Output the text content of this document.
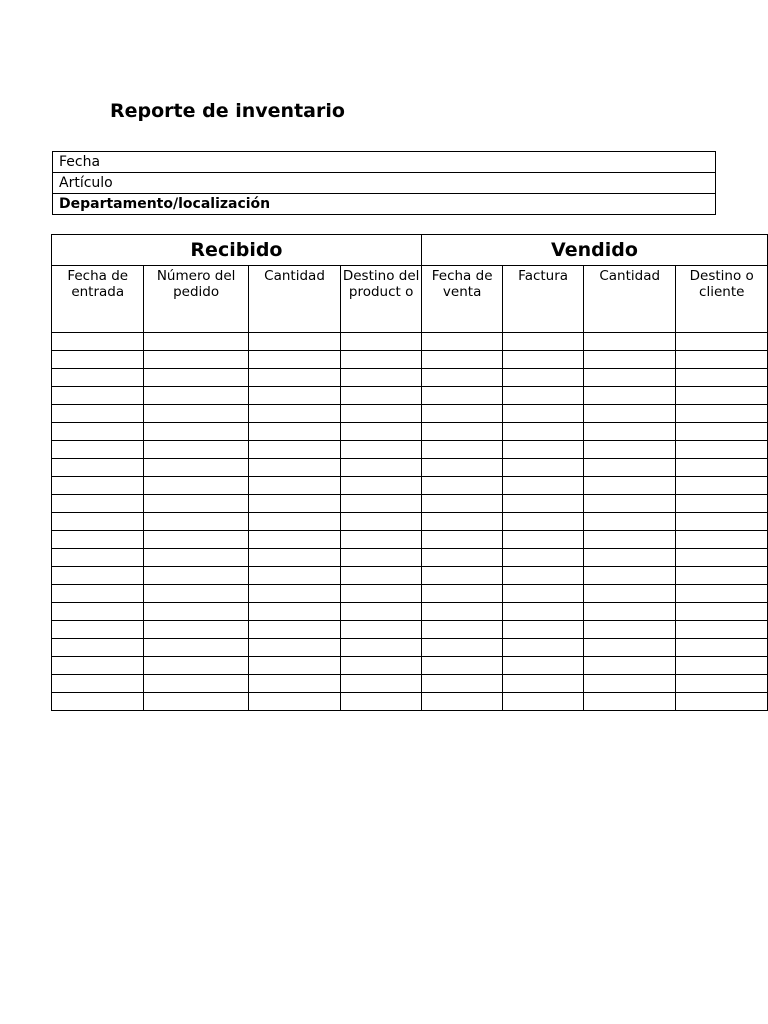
Reporte de inventario
Fecha
Artículo
Departamento/localización
Recibido				Vendido			
Fecha de entrada	Número del pedido	Cantidad	Destino del product o	Fecha de venta	Factura	Cantidad	Destino o cliente
